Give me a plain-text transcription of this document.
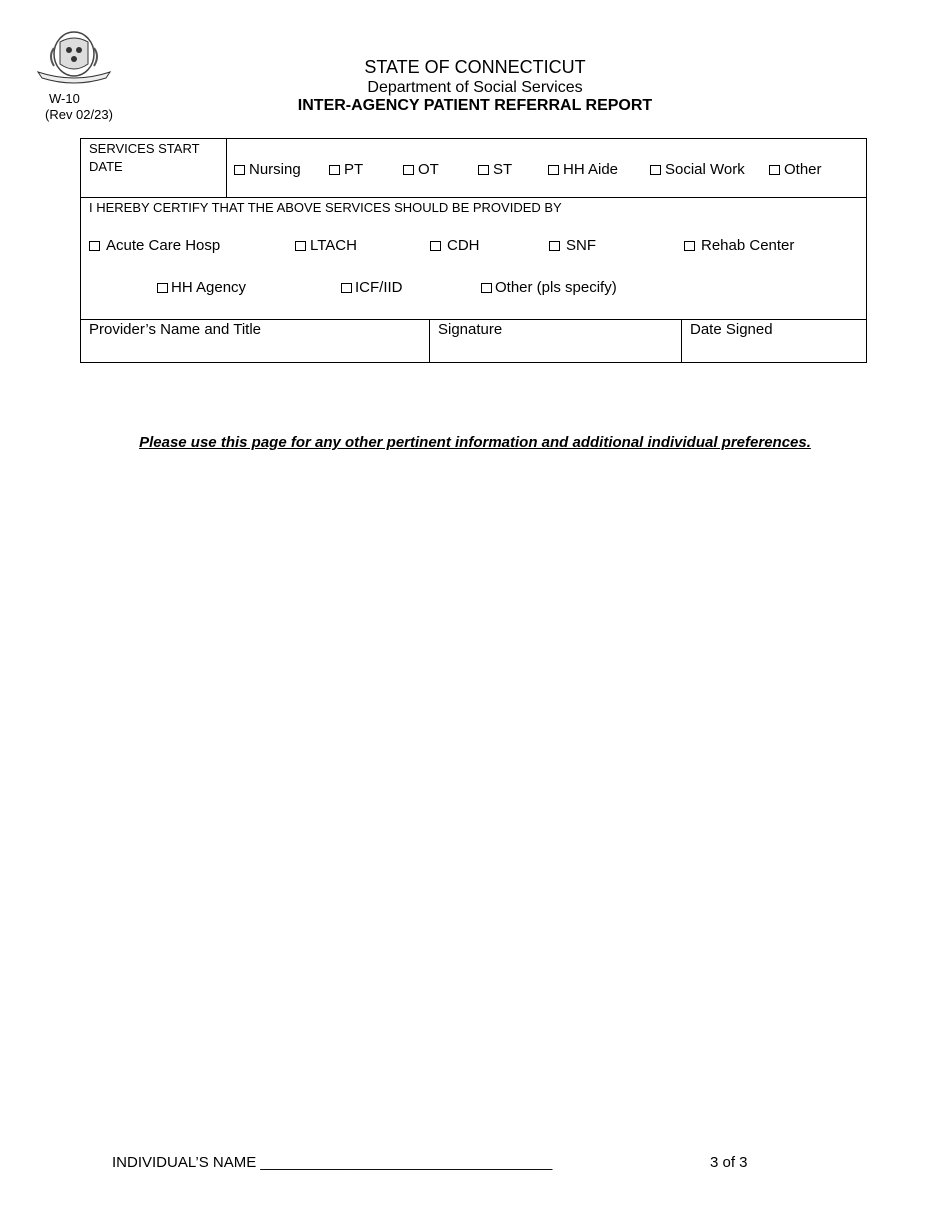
W-10
(Rev 02/23)
STATE OF CONNECTICUT
Department of Social Services
INTER-AGENCY PATIENT REFERRAL REPORT
SERVICES START DATE	Nursing	PT	OT	ST	HH Aide	Social Work	Other
I HEREBY CERTIFY THAT THE ABOVE SERVICES SHOULD BE PROVIDED BY
Acute Care Hosp	LTACH	CDH	SNF	Rehab Center
HH Agency	ICF/IID	Other (pls specify)
Provider’s Name and Title	Signature	Date Signed
Please use this page for any other pertinent information and additional individual preferences.
INDIVIDUAL’S NAME ___________________________________	3 of 3
